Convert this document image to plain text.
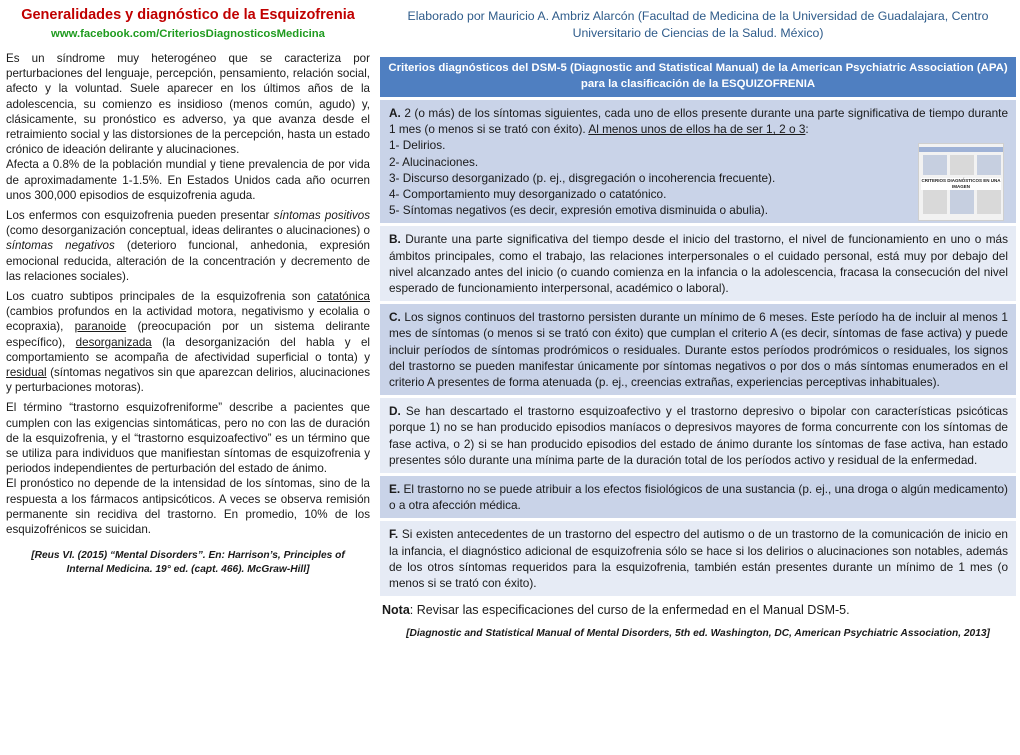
Generalidades y diagnóstico de la Esquizofrenia
www.facebook.com/CriteriosDiagnosticosMedicina

Es un síndrome muy heterogéneo que se caracteriza por perturbaciones del lenguaje, percepción, pensamiento, relación social, afecto y la voluntad. Suele aparecer en los últimos años de la adolescencia, su comienzo es insidioso (menos común, agudo) y, clásicamente, su pronóstico es adverso, ya que avanza desde el retraimiento social y las distorsiones de la percepción, hasta un estado crónico de ideación delirante y alucinaciones.

Afecta a 0.8% de la población mundial y tiene prevalencia de por vida de aproximadamente 1-1.5%. En Estados Unidos cada año ocurren unos 300,000 episodios de esquizofrenia aguda.

Los enfermos con esquizofrenia pueden presentar síntomas positivos (como desorganización conceptual, ideas delirantes o alucinaciones) o síntomas negativos (deterioro funcional, anhedonia, expresión emocional reducida, alteración de la concentración y decremento de las relaciones sociales).

Los cuatro subtipos principales de la esquizofrenia son catatónica (cambios profundos en la actividad motora, negativismo y ecolalia o ecopraxia), paranoide (preocupación por un sistema delirante específico), desorganizada (la desorganización del habla y el comportamiento se acompaña de afectividad superficial o tonta) y residual (síntomas negativos sin que aparezcan delirios, alucinaciones y perturbaciones motoras).

El término “trastorno esquizofreniforme” describe a pacientes que cumplen con las exigencias sintomáticas, pero no con las de duración de la esquizofrenia, y el “trastorno esquizoafectivo” es un término que se utiliza para individuos que manifiestan síntomas de esquizofrenia y periodos independientes de perturbación del estado de ánimo.

El pronóstico no depende de la intensidad de los síntomas, sino de la respuesta a los fármacos antipsicóticos. A veces se observa remisión permanente sin recidiva del trastorno. En promedio, 10% de los esquizofrénicos se suicidan.

[Reus VI. (2015) “Mental Disorders”. En: Harrison’s, Principles of Internal Medicina. 19° ed. (capt. 466). McGraw-Hill]
Elaborado por Mauricio A. Ambriz Alarcón (Facultad de Medicina de la Universidad de Guadalajara, Centro Universitario de Ciencias de la Salud. México)
Criterios diagnósticos del DSM-5 (Diagnostic and Statistical Manual) de la American Psychiatric Association (APA) para la clasificación de la ESQUIZOFRENIA
A. 2 (o más) de los síntomas siguientes, cada uno de ellos presente durante una parte significativa de tiempo durante 1 mes (o menos si se trató con éxito). Al menos unos de ellos ha de ser 1, 2 o 3:
1- Delirios.
2- Alucinaciones.
3- Discurso desorganizado (p. ej., disgregación o incoherencia frecuente).
4- Comportamiento muy desorganizado o catatónico.
5- Síntomas negativos (es decir, expresión emotiva disminuida o abulia).
CRITERIOS DIAGNÓSTICOS EN UNA IMAGEN
B. Durante una parte significativa del tiempo desde el inicio del trastorno, el nivel de funcionamiento en uno o más ámbitos principales, como el trabajo, las relaciones interpersonales o el cuidado personal, está muy por debajo del nivel alcanzado antes del inicio (o cuando comienza en la infancia o la adolescencia, fracasa la consecución del nivel esperado de funcionamiento interpersonal, académico o laboral).
C. Los signos continuos del trastorno persisten durante un mínimo de 6 meses. Este período ha de incluir al menos 1 mes de síntomas (o menos si se trató con éxito) que cumplan el criterio A (es decir, síntomas de fase activa) y puede incluir períodos de síntomas prodrómicos o residuales. Durante estos períodos prodrómicos o residuales, los signos del trastorno se pueden manifestar únicamente por síntomas negativos o por dos o más síntomas enumerados en el criterio A presentes de forma atenuada (p. ej., creencias extrañas, experiencias perceptivas inhabituales).
D. Se han descartado el trastorno esquizoafectivo y el trastorno depresivo o bipolar con características psicóticas porque 1) no se han producido episodios maníacos o depresivos mayores de forma concurrente con los síntomas de fase activa, o 2) si se han producido episodios del estado de ánimo durante los síntomas de fase activa, han estado presentes sólo durante una mínima parte de la duración total de los períodos activo y residual de la enfermedad.
E. El trastorno no se puede atribuir a los efectos fisiológicos de una sustancia (p. ej., una droga o algún medicamento) o a otra afección médica.
F. Si existen antecedentes de un trastorno del espectro del autismo o de un trastorno de la comunicación de inicio en la infancia, el diagnóstico adicional de esquizofrenia sólo se hace si los delirios o alucinaciones son notables, además de los otros síntomas requeridos para la esquizofrenia, también están presentes durante un mínimo de 1 mes (o menos si se trató con éxito).
Nota: Revisar las especificaciones del curso de la enfermedad en el Manual DSM-5.
[Diagnostic and Statistical Manual of Mental Disorders, 5th ed. Washington, DC, American Psychiatric Association, 2013]
